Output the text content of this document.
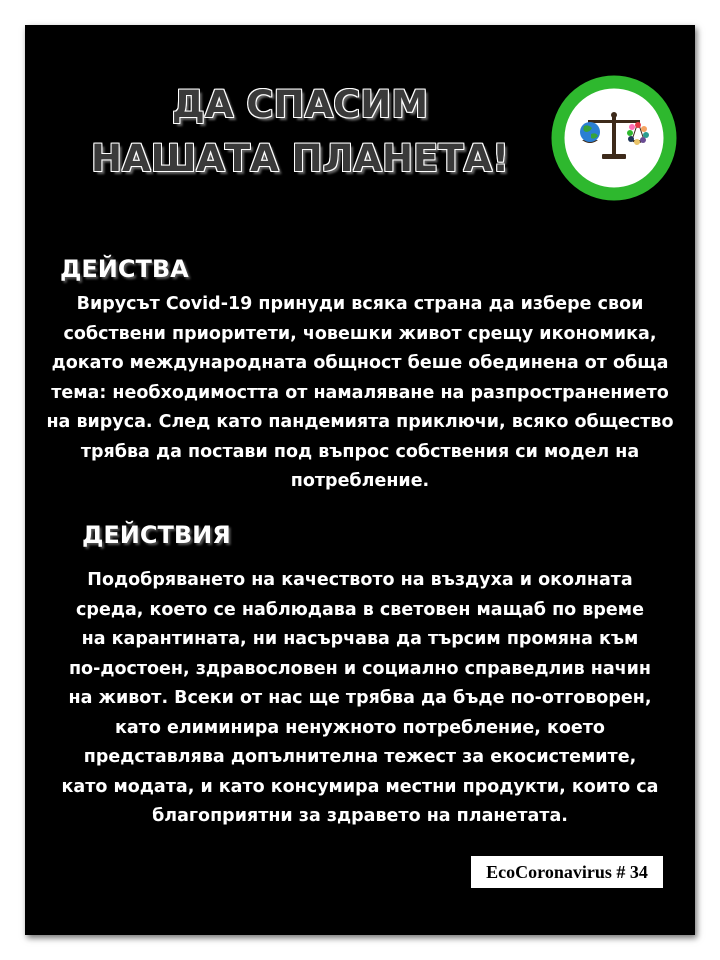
ДА СПАСИМ
НАШАТА ПЛАНЕТА!
ВАШИТЕ ДЕЙСТВИЯ ...
... спасяват планетата
ДЕЙСТВА

Вирусът Covid-19 принуди всяка страна да избере свои
собствени приоритети, човешки живот срещу икономика,
докато международната общност беше обединена от обща
тема: необходимостта от намаляване на разпространението
на вируса. След като пандемията приключи, всяко общество
трябва да постави под въпрос собствения си модел на
потребление.

ДЕЙСТВИЯ

Подобряването на качеството на въздуха и околната
среда, което се наблюдава в световен мащаб по време
на карантината, ни насърчава да търсим промяна към
по-достоен, здравословен и социално справедлив начин
на живот. Всеки от нас ще трябва да бъде по-отговорен,
като елиминира ненужното потребление, което
представлява допълнителна тежест за екосистемите,
като модата, и като консумира местни продукти, които са
благоприятни за здравето на планетата.

EcoCoronavirus # 34
